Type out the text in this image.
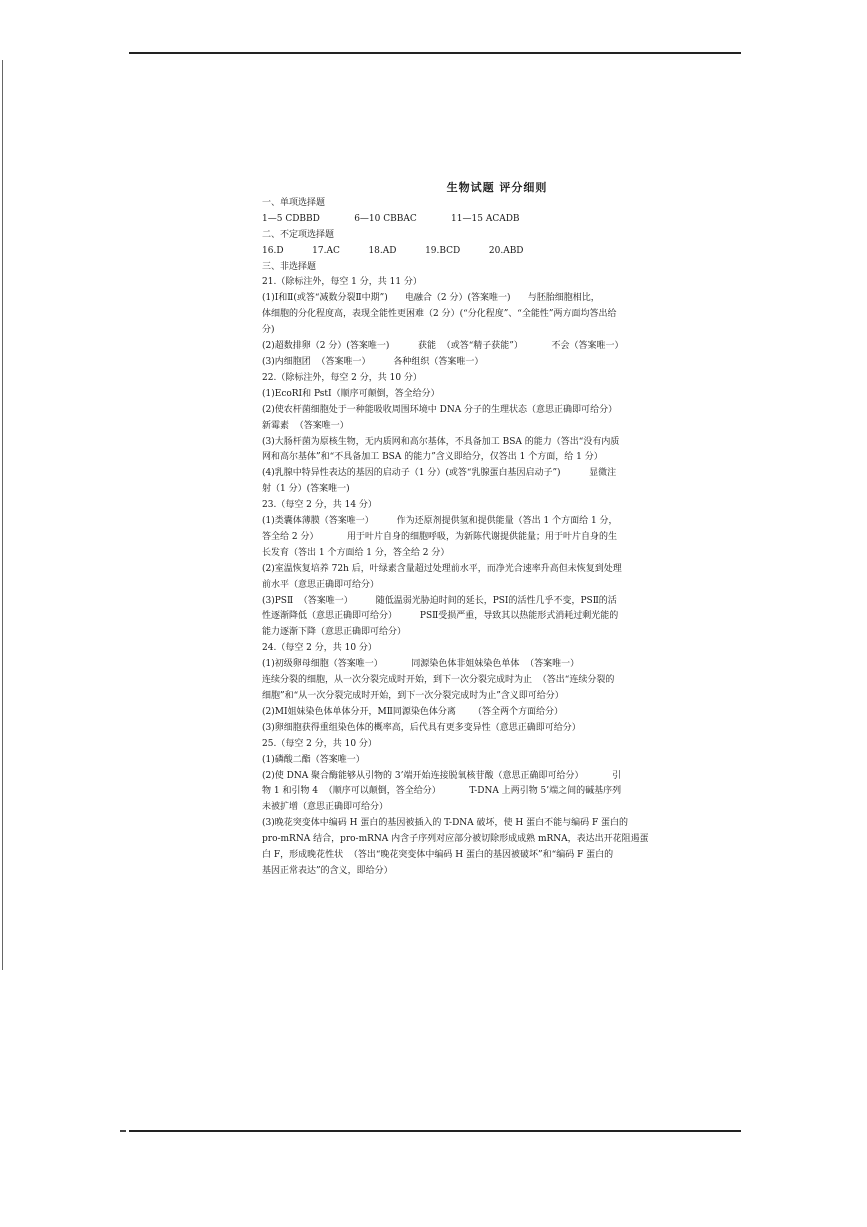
生物试题 评分细则
一、单项选择题
1—5 CDBBD            6—10 CBBAC            11—15 ACADB
二、不定项选择题
16.D          17.AC          18.AD          19.BCD          20.ABD
三、非选择题
21.（除标注外，每空 1 分，共 11 分）
(1)Ⅰ和Ⅱ(或答“减数分裂Ⅱ中期”)      电融合（2 分）(答案唯一)      与胚胎细胞相比，
体细胞的分化程度高，表现全能性更困难（2 分）(“分化程度”、“全能性”两方面均答出给
分)
(2)超数排卵（2 分）(答案唯一)          获能  （或答“精子获能”）          不会（答案唯一）
(3)内细胞团  （答案唯一）        各种组织（答案唯一）
22.（除标注外，每空 2 分，共 10 分）
(1)EcoRⅠ和 PstⅠ（顺序可颠倒，答全给分）
(2)使农杆菌细胞处于一种能吸收周围环境中 DNA 分子的生理状态（意思正确即可给分）
新霉素  （答案唯一）
(3)大肠杆菌为原核生物，无内质网和高尔基体，不具备加工 BSA 的能力（答出“没有内质
网和高尔基体”和“不具备加工 BSA 的能力”含义即给分，仅答出 1 个方面，给 1 分）
(4)乳腺中特异性表达的基因的启动子（1 分）(或答“乳腺蛋白基因启动子”)          显微注
射（1 分）(答案唯一)
23.（每空 2 分，共 14 分）
(1)类囊体薄膜（答案唯一）        作为还原剂提供氢和提供能量（答出 1 个方面给 1 分，
答全给 2 分）          用于叶片自身的细胞呼吸，为新陈代谢提供能量；用于叶片自身的生
长发育（答出 1 个方面给 1 分，答全给 2 分）
(2)室温恢复培养 72h 后，叶绿素含量超过处理前水平，而净光合速率升高但未恢复到处理
前水平（意思正确即可给分）
(3)PSⅡ  （答案唯一）        随低温弱光胁迫时间的延长，PSⅠ的活性几乎不变，PSⅡ的活
性逐渐降低（意思正确即可给分）        PSⅡ受损严重，导致其以热能形式消耗过剩光能的
能力逐渐下降（意思正确即可给分）
24.（每空 2 分，共 10 分）
(1)初级卵母细胞（答案唯一）          同源染色体非姐妹染色单体  （答案唯一）
连续分裂的细胞，从一次分裂完成时开始，到下一次分裂完成时为止  （答出“连续分裂的
细胞”和“从一次分裂完成时开始，到下一次分裂完成时为止”含义即可给分）
(2)MⅠ姐妹染色体单体分开，MⅡ同源染色体分离      （答全两个方面给分）
(3)卵细胞获得重组染色体的概率高，后代具有更多变异性（意思正确即可给分）
25.（每空 2 分，共 10 分）
(1)磷酸二酯（答案唯一）
(2)使 DNA 聚合酶能够从引物的 3’端开始连接脱氧核苷酸（意思正确即可给分）          引
物 1 和引物 4  （顺序可以颠倒，答全给分）          T-DNA 上两引物 5’端之间的碱基序列
未被扩增（意思正确即可给分）
(3)晚花突变体中编码 H 蛋白的基因被插入的 T-DNA 破坏，使 H 蛋白不能与编码 F 蛋白的
pro-mRNA 结合，pro-mRNA 内含子序列对应部分被切除形成成熟 mRNA，表达出开花阻遏蛋
白 F，形成晚花性状  （答出“晚花突变体中编码 H 蛋白的基因被破坏”和“编码 F 蛋白的
基因正常表达”的含义，即给分）
